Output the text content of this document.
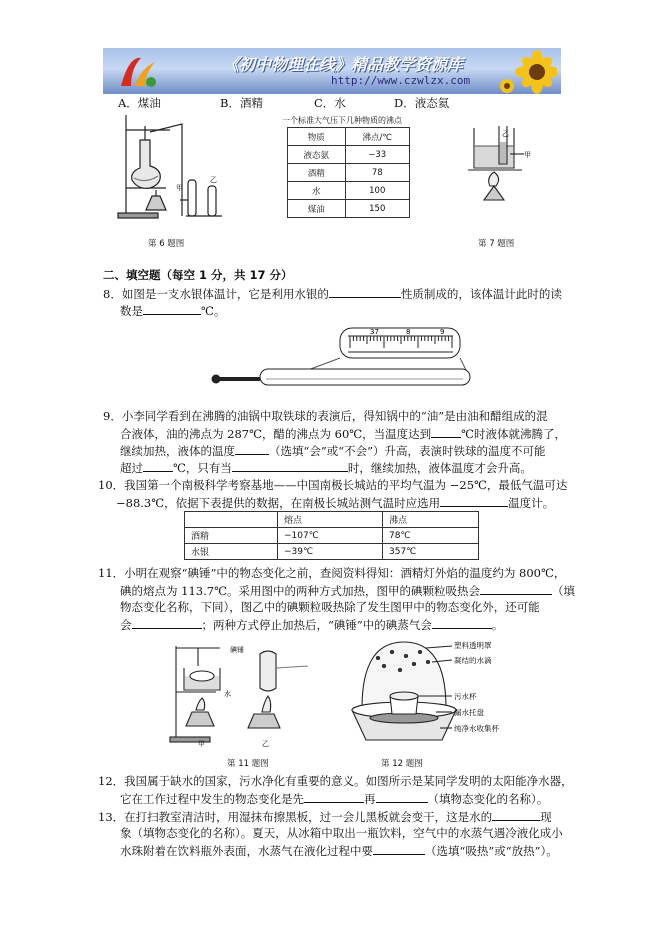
《初中物理在线》精品教学资源库
http://www.czwlzx.com
A．煤油	B．酒精	C．水	D．液态氦
甲
乙
第 6 题图
一个标准大气压下几种物质的沸点
物质	沸点/℃
液态氨	−33
酒精	78
水	100
煤油	150
乙
甲
第 7 题图
二、填空题（每空 1 分，共 17 分）
8．如图是一支水银体温计，它是利用水银的	性质制成的，该体温计此时的读
数是	℃。
37	8	9
9．小李同学看到在沸腾的油锅中取铁球的表演后，得知锅中的“油”是由油和醋组成的混
合液体，油的沸点为 287℃，醋的沸点为 60℃，当温度达到	℃时液体就沸腾了，
继续加热，液体的温度	（选填“会”或“不会”）升高，表演时铁球的温度不可能
超过	℃，只有当	时，继续加热，液体温度才会升高。
10．我国第一个南极科学考察基地——中国南极长城站的平均气温为 −25℃，最低气温可达
−88.3℃，依据下表提供的数据，在南极长城站测气温时应选用	温度计。
	熔点	沸点
酒精	−107℃	78℃
水银	−39℃	357℃
11．小明在观察“碘锤”中的物态变化之前，查阅资料得知：酒精灯外焰的温度约为 800℃，
碘的熔点为 113.7℃。采用图中的两种方式加热，图甲的碘颗粒吸热会	（填
物态变化名称，下同），图乙中的碘颗粒吸热除了发生图甲中的物态变化外，还可能
会	；两种方式停止加热后，“碘锤”中的碘蒸气会	。
碘锤
水
甲	乙
第 11 题图
塑料透明罩
凝结的水滴
污水杯
漏水托盘
纯净水收集杯
第 12 题图
12．我国属于缺水的国家，污水净化有重要的意义。如图所示是某同学发明的太阳能净水器，
它在工作过程中发生的物态变化是先	再	（填物态变化的名称）。
13．在打扫教室清洁时，用湿抹布擦黑板，过一会儿黑板就会变干，这是水的	现
象（填物态变化的名称）。夏天，从冰箱中取出一瓶饮料，空气中的水蒸气遇冷液化成小
水珠附着在饮料瓶外表面，水蒸气在液化过程中要	（选填“吸热”或“放热”）。
